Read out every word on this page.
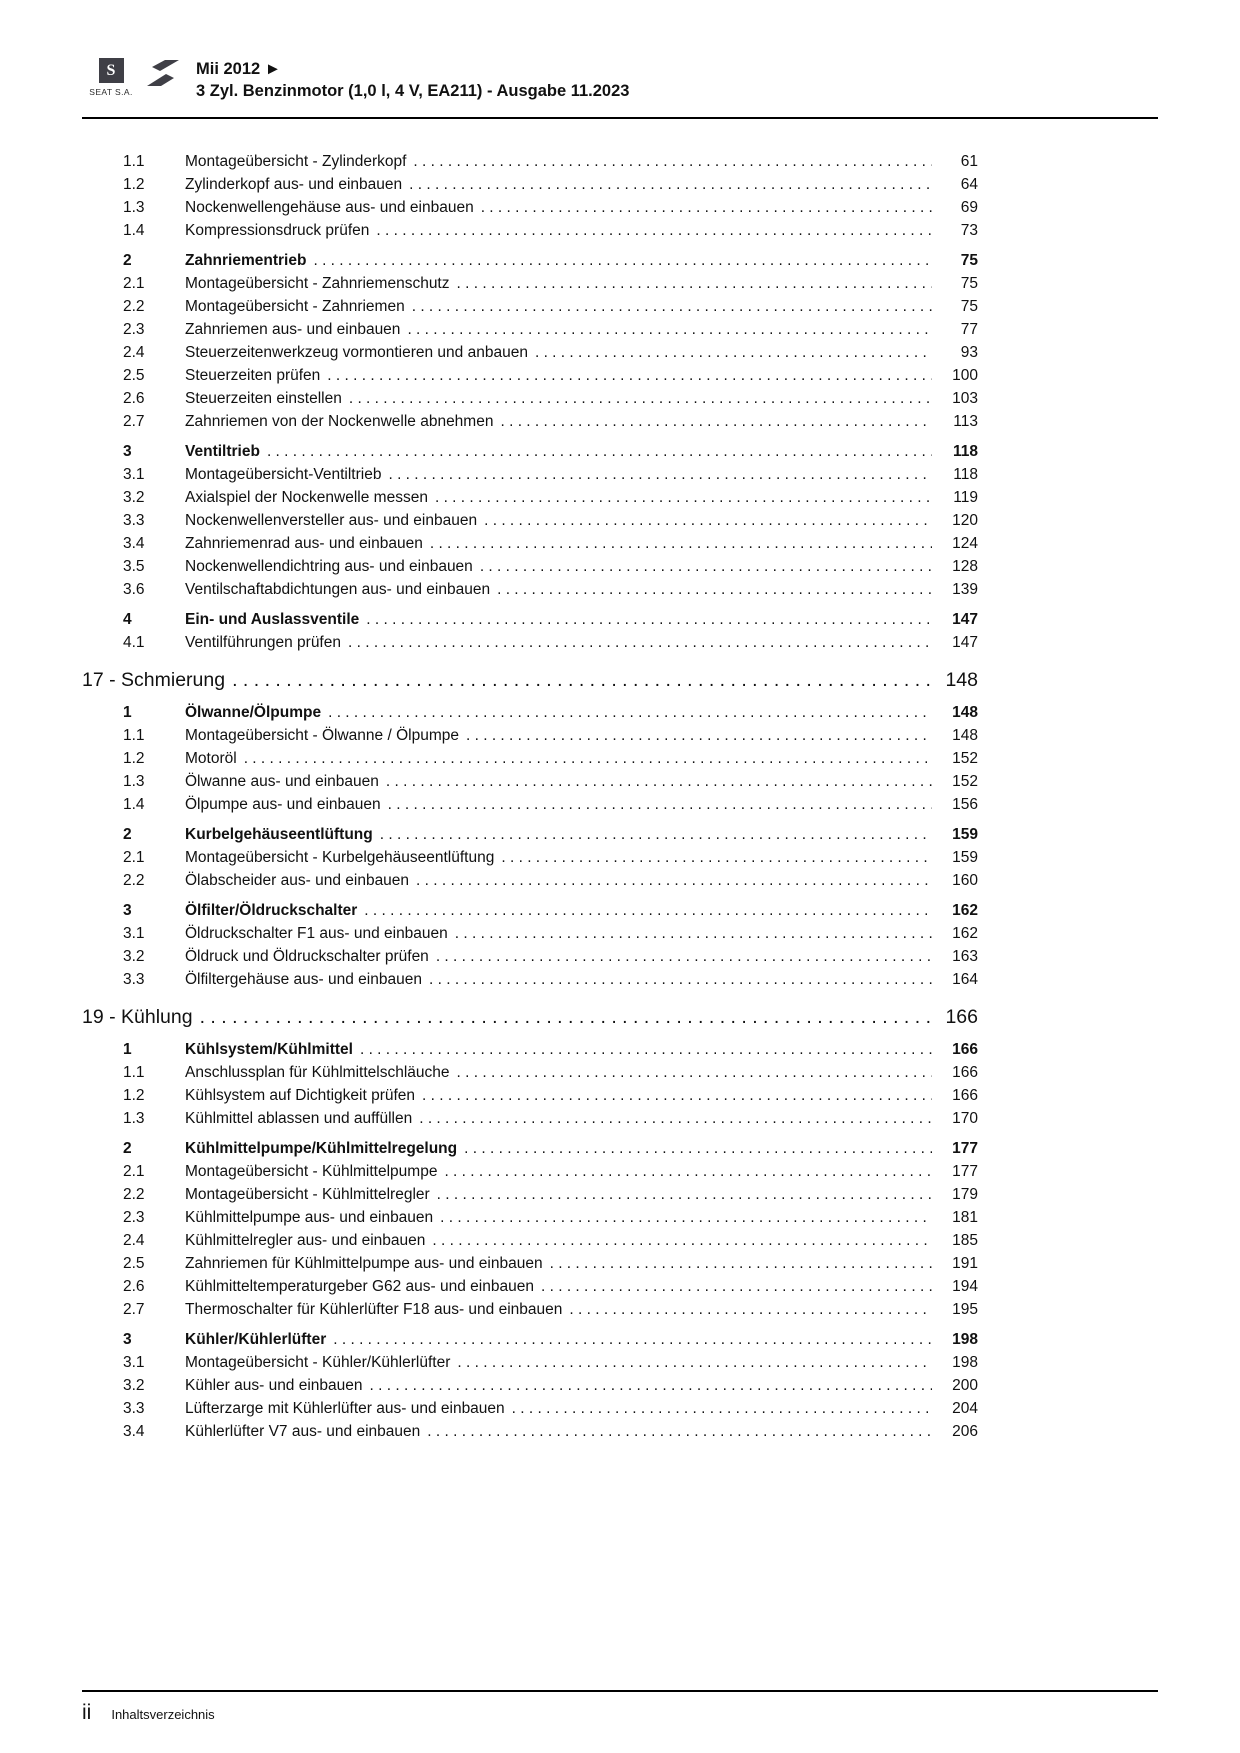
S
SEAT S.A.
Mii 2012 ►
3 Zyl. Benzinmotor (1,0 l, 4 V, EA211) - Ausgabe 11.2023
1.1	Montageübersicht - Zylinderkopf . . .	61
1.2	Zylinderkopf aus- und einbauen . . .	64
1.3	Nockenwellengehäuse aus- und einbauen . . .	69
1.4	Kompressionsdruck prüfen . . .	73
2	Zahnriementrieb . . .	75
2.1	Montageübersicht - Zahnriemenschutz . . .	75
2.2	Montageübersicht - Zahnriemen . . .	75
2.3	Zahnriemen aus- und einbauen . . .	77
2.4	Steuerzeitenwerkzeug vormontieren und anbauen . . .	93
2.5	Steuerzeiten prüfen . . .	100
2.6	Steuerzeiten einstellen . . .	103
2.7	Zahnriemen von der Nockenwelle abnehmen . . .	113
3	Ventiltrieb . . .	118
3.1	Montageübersicht-Ventiltrieb . . .	118
3.2	Axialspiel der Nockenwelle messen . . .	119
3.3	Nockenwellenversteller aus- und einbauen . . .	120
3.4	Zahnriemenrad aus- und einbauen . . .	124
3.5	Nockenwellendichtring aus- und einbauen . . .	128
3.6	Ventilschaftabdichtungen aus- und einbauen . . .	139
4	Ein- und Auslassventile . . .	147
4.1	Ventilführungen prüfen . . .	147
17 - Schmierung . . .	148
1	Ölwanne/Ölpumpe . . .	148
1.1	Montageübersicht - Ölwanne / Ölpumpe . . .	148
1.2	Motoröl . . .	152
1.3	Ölwanne aus- und einbauen . . .	152
1.4	Ölpumpe aus- und einbauen . . .	156
2	Kurbelgehäuseentlüftung . . .	159
2.1	Montageübersicht - Kurbelgehäuseentlüftung . . .	159
2.2	Ölabscheider aus- und einbauen . . .	160
3	Ölfilter/Öldruckschalter . . .	162
3.1	Öldruckschalter F1 aus- und einbauen . . .	162
3.2	Öldruck und Öldruckschalter prüfen . . .	163
3.3	Ölfiltergehäuse aus- und einbauen . . .	164
19 - Kühlung . . .	166
1	Kühlsystem/Kühlmittel . . .	166
1.1	Anschlussplan für Kühlmittelschläuche . . .	166
1.2	Kühlsystem auf Dichtigkeit prüfen . . .	166
1.3	Kühlmittel ablassen und auffüllen . . .	170
2	Kühlmittelpumpe/Kühlmittelregelung . . .	177
2.1	Montageübersicht - Kühlmittelpumpe . . .	177
2.2	Montageübersicht - Kühlmittelregler . . .	179
2.3	Kühlmittelpumpe aus- und einbauen . . .	181
2.4	Kühlmittelregler aus- und einbauen . . .	185
2.5	Zahnriemen für Kühlmittelpumpe aus- und einbauen . . .	191
2.6	Kühlmitteltemperaturgeber G62 aus- und einbauen . . .	194
2.7	Thermoschalter für Kühlerlüfter F18 aus- und einbauen . . .	195
3	Kühler/Kühlerlüfter . . .	198
3.1	Montageübersicht - Kühler/Kühlerlüfter . . .	198
3.2	Kühler aus- und einbauen . . .	200
3.3	Lüfterzarge mit Kühlerlüfter aus- und einbauen . . .	204
3.4	Kühlerlüfter V7 aus- und einbauen . . .	206
ii Inhaltsverzeichnis
